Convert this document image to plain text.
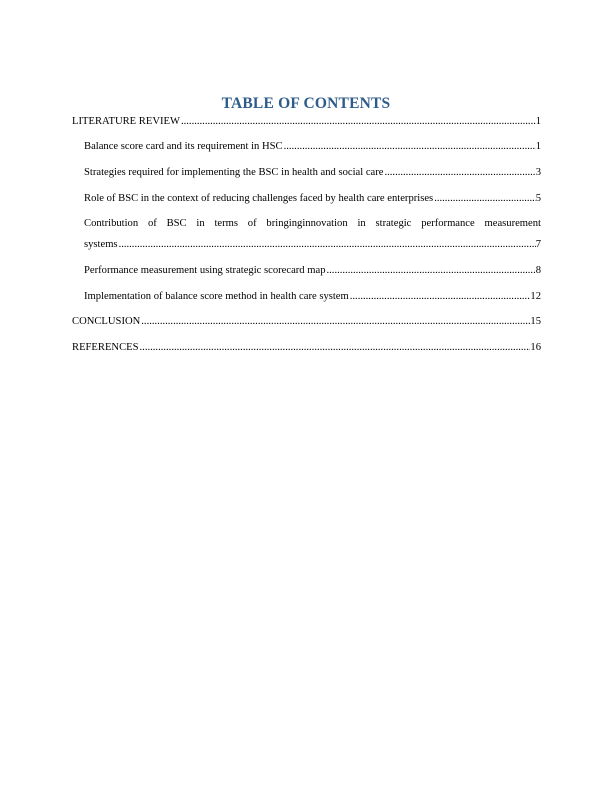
TABLE OF CONTENTS
LITERATURE REVIEW .....	1
Balance score card and its requirement in HSC .....	1
Strategies required for implementing the BSC in health and social care .....	3
Role of BSC in the context of reducing challenges faced by health care enterprises .....	5
Contribution of BSC in terms of bringinginnovation in strategic performance measurement
systems .....	7
Performance measurement using strategic scorecard map .....	8
Implementation of balance score method in health care system .....	12
CONCLUSION .....	15
REFERENCES .....	16
